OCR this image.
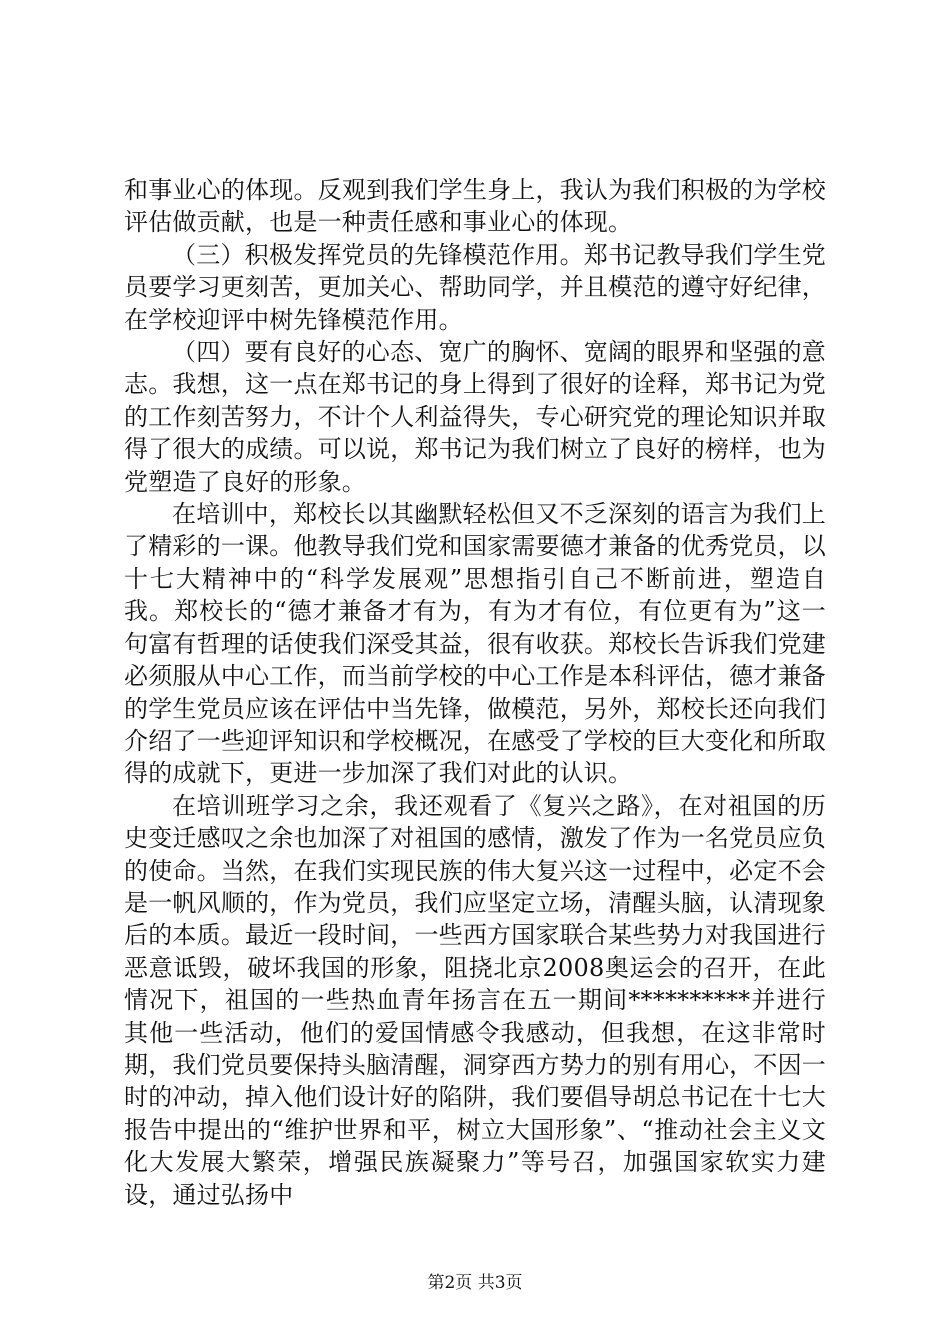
和事业心的体现。反观到我们学生身上，我认为我们积极的为学校评估做贡献，也是一种责任感和事业心的体现。

（三）积极发挥党员的先锋模范作用。郑书记教导我们学生党员要学习更刻苦，更加关心、帮助同学，并且模范的遵守好纪律，在学校迎评中树先锋模范作用。

（四）要有良好的心态、宽广的胸怀、宽阔的眼界和坚强的意志。我想，这一点在郑书记的身上得到了很好的诠释，郑书记为党的工作刻苦努力，不计个人利益得失，专心研究党的理论知识并取得了很大的成绩。可以说，郑书记为我们树立了良好的榜样，也为党塑造了良好的形象。

在培训中，郑校长以其幽默轻松但又不乏深刻的语言为我们上了精彩的一课。他教导我们党和国家需要德才兼备的优秀党员，以十七大精神中的“科学发展观”思想指引自己不断前进，塑造自我。郑校长的“德才兼备才有为，有为才有位，有位更有为”这一句富有哲理的话使我们深受其益，很有收获。郑校长告诉我们党建必须服从中心工作，而当前学校的中心工作是本科评估，德才兼备的学生党员应该在评估中当先锋，做模范，另外，郑校长还向我们介绍了一些迎评知识和学校概况，在感受了学校的巨大变化和所取得的成就下，更进一步加深了我们对此的认识。

在培训班学习之余，我还观看了《复兴之路》，在对祖国的历史变迁感叹之余也加深了对祖国的感情，激发了作为一名党员应负的使命。当然，在我们实现民族的伟大复兴这一过程中，必定不会是一帆风顺的，作为党员，我们应坚定立场，清醒头脑，认清现象后的本质。最近一段时间，一些西方国家联合某些势力对我国进行恶意诋毁，破坏我国的形象，阻挠北京2008奥运会的召开，在此情况下，祖国的一些热血青年扬言在五一期间**********并进行其他一些活动，他们的爱国情感令我感动，但我想，在这非常时期，我们党员要保持头脑清醒，洞穿西方势力的别有用心，不因一时的冲动，掉入他们设计好的陷阱，我们要倡导胡总书记在十七大报告中提出的“维护世界和平，树立大国形象”、“推动社会主义文化大发展大繁荣，增强民族凝聚力”等号召，加强国家软实力建设，通过弘扬中

第2页 共3页
